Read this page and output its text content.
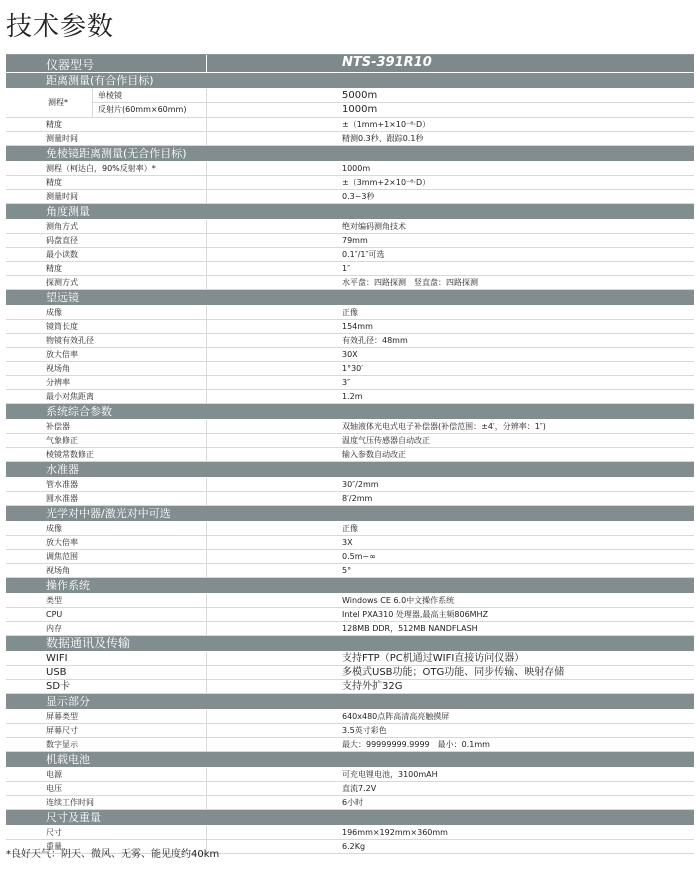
技术参数
仪器型号	NTS-391R10
距离测量(有合作目标)
测程*
单棱镜	5000m
反射片(60mm×60mm)	1000m
精度	±（1mm+1×10⁻⁶·D）
测量时间	精测0.3秒、跟踪0.1秒
免棱镜距离测量(无合作目标)
测程（柯达白，90%反射率）*	1000m
精度	±（3mm+2×10⁻⁶·D）
测量时间	0.3~3秒
角度测量
测角方式	绝对编码测角技术
码盘直径	79mm
最小读数	0.1″/1″可选
精度	1″
探测方式	水平盘：四路探测　竖直盘：四路探测
望远镜
成像	正像
镜筒长度	154mm
物镜有效孔径	有效孔径：48mm
放大倍率	30X
视场角	1°30′
分辨率	3″
最小对焦距离	1.2m
系统综合参数
补偿器	双轴液体光电式电子补偿器(补偿范围：±4′，分辨率：1″)
气象修正	温度气压传感器自动改正
棱镜常数修正	输入参数自动改正
水准器
管水准器	30″/2mm
圆水准器	8′/2mm
光学对中器/激光对中可选
成像	正像
放大倍率	3X
调焦范围	0.5m~∞
视场角	5°
操作系统
类型	Windows CE 6.0中文操作系统
CPU	Intel PXA310 处理器,最高主频806MHZ
内存	128MB DDR，512MB NANDFLASH
数据通讯及传输
WIFI	支持FTP（PC机通过WIFI直接访问仪器）
USB	多模式USB功能；OTG功能、同步传输、映射存储
SD卡	支持外扩32G
显示部分
屏幕类型	640x480点阵高清高亮触摸屏
屏幕尺寸	3.5英寸彩色
数字显示	最大：99999999.9999　最小：0.1mm
机载电池
电源	可充电锂电池，3100mAH
电压	直流7.2V
连续工作时间	6小时
尺寸及重量
尺寸	196mm×192mm×360mm
重量	6.2Kg
*良好天气：阴天、微风、无雾、能见度约40km
